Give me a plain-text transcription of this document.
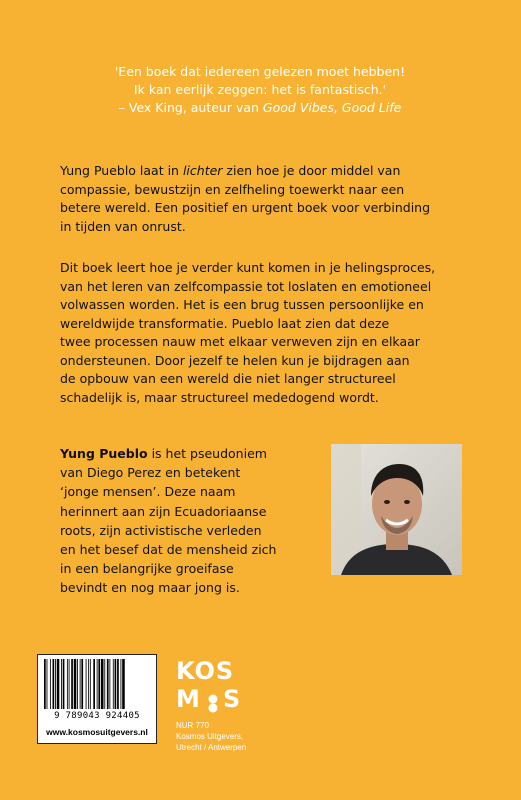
'Een boek dat iedereen gelezen moet hebben!
Ik kan eerlijk zeggen: het is fantastisch.'
– Vex King, auteur van Good Vibes, Good Life
Yung Pueblo laat in lichter zien hoe je door middel van
compassie, bewustzijn en zelfheling toewerkt naar een
betere wereld. Een positief en urgent boek voor verbinding
in tijden van onrust.
Dit boek leert hoe je verder kunt komen in je helingsproces,
van het leren van zelfcompassie tot loslaten en emotioneel
volwassen worden. Het is een brug tussen persoonlijke en
wereldwijde transformatie. Pueblo laat zien dat deze
twee processen nauw met elkaar verweven zijn en elkaar
ondersteunen. Door jezelf te helen kun je bijdragen aan
de opbouw van een wereld die niet langer structureel
schadelijk is, maar structureel mededogend wordt.
Yung Pueblo is het pseudoniem
van Diego Perez en betekent
‘jonge mensen’. Deze naam
herinnert aan zijn Ecuadoriaanse
roots, zijn activistische verleden
en het besef dat de mensheid zich
in een belangrijke groeifase
bevindt en nog maar jong is.
9 789043 924405
www.kosmosuitgevers.nl
KOS
M S
NUR 770
Kosmos Uitgevers,
Utrecht / Antwerpen
